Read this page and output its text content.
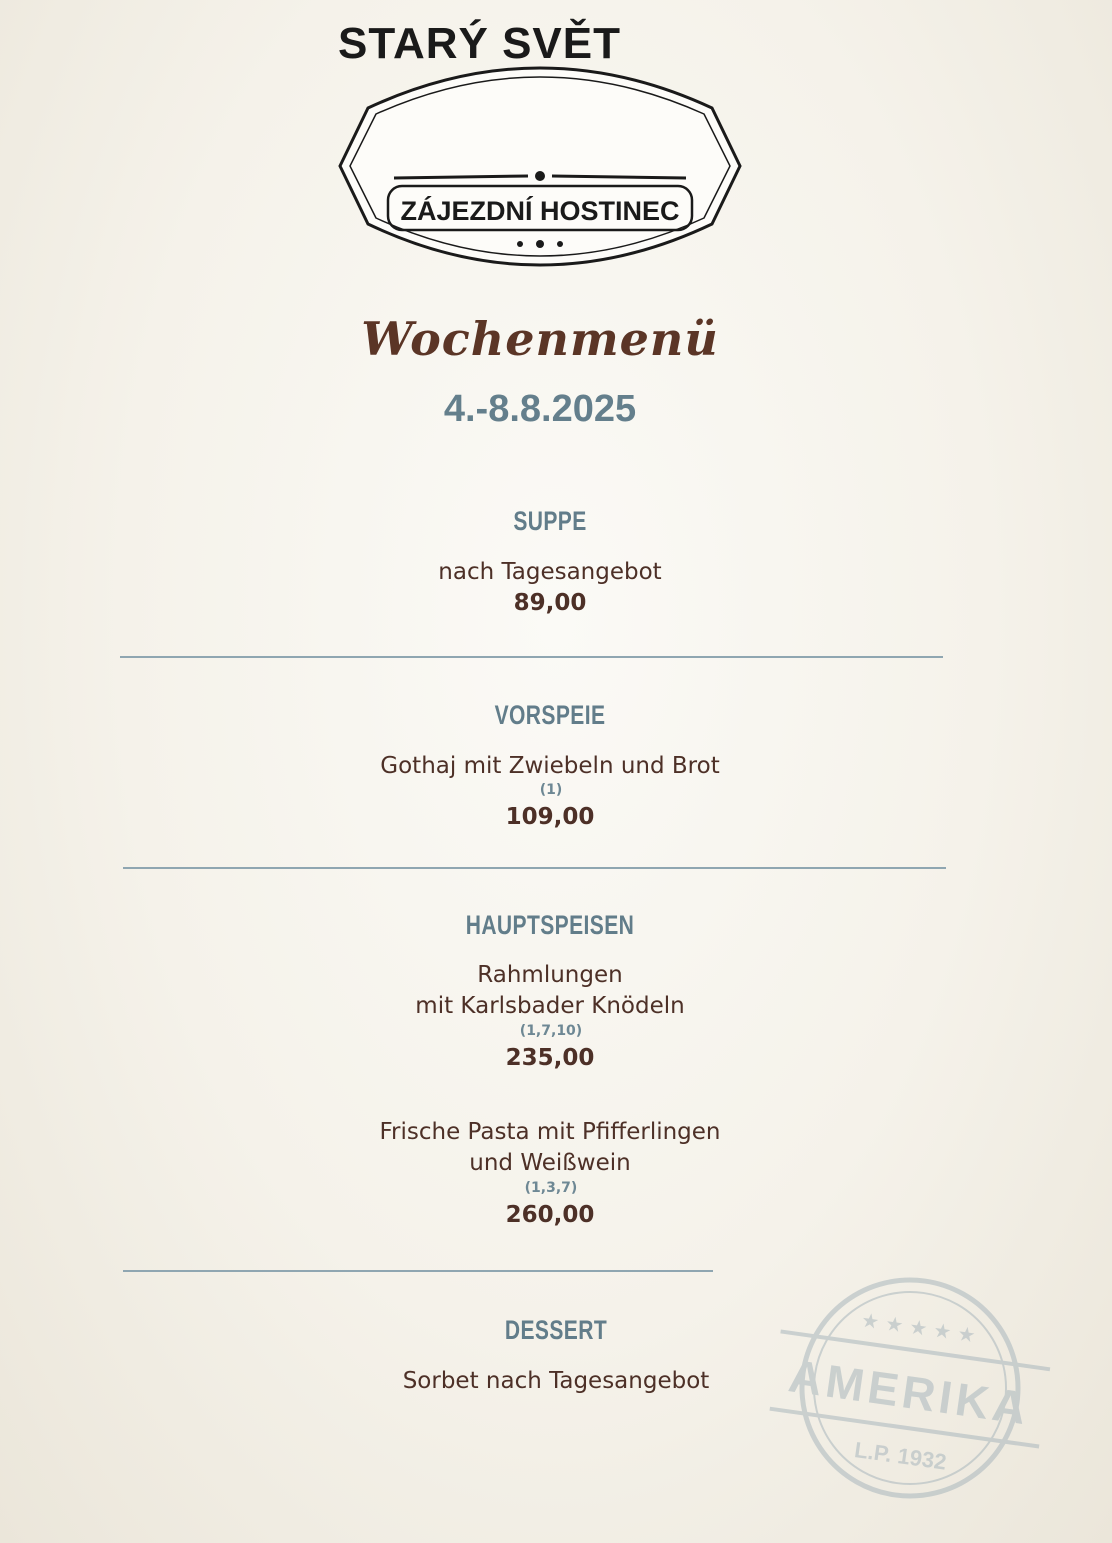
STARÝ SVĚT
ZÁJEZDNÍ HOSTINEC
Wochenmenü
4.-8.8.2025
SUPPE
nach Tagesangebot
89,00
VORSPEIE
Gothaj mit Zwiebeln und Brot
(1)
109,00
HAUPTSPEISEN
Rahmlungen
mit Karlsbader Knödeln
(1,7,10)
235,00
Frische Pasta mit Pfifferlingen
und Weißwein
(1,3,7)
260,00
DESSERT
Sorbet nach Tagesangebot
★ ★ ★ ★ ★
AMERIKA
L.P. 1932
